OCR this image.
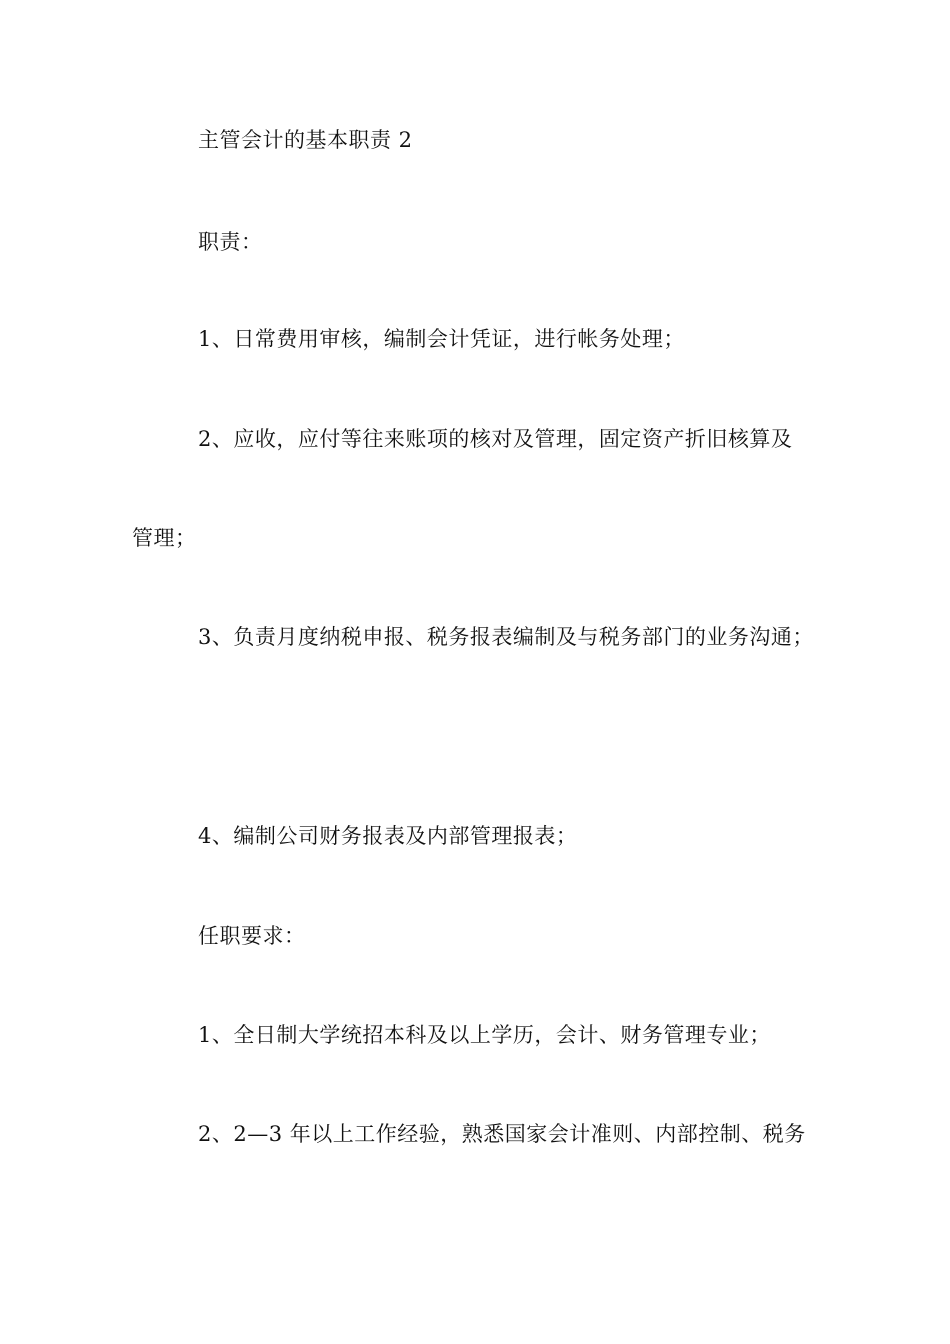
主管会计的基本职责 2

职责：

1、日常费用审核，编制会计凭证，进行帐务处理；

2、应收，应付等往来账项的核对及管理，固定资产折旧核算及

管理；

3、负责月度纳税申报、税务报表编制及与税务部门的业务沟通；

4、编制公司财务报表及内部管理报表；

任职要求：

1、全日制大学统招本科及以上学历，会计、财务管理专业；

2、2—3 年以上工作经验，熟悉国家会计准则、内部控制、税务
